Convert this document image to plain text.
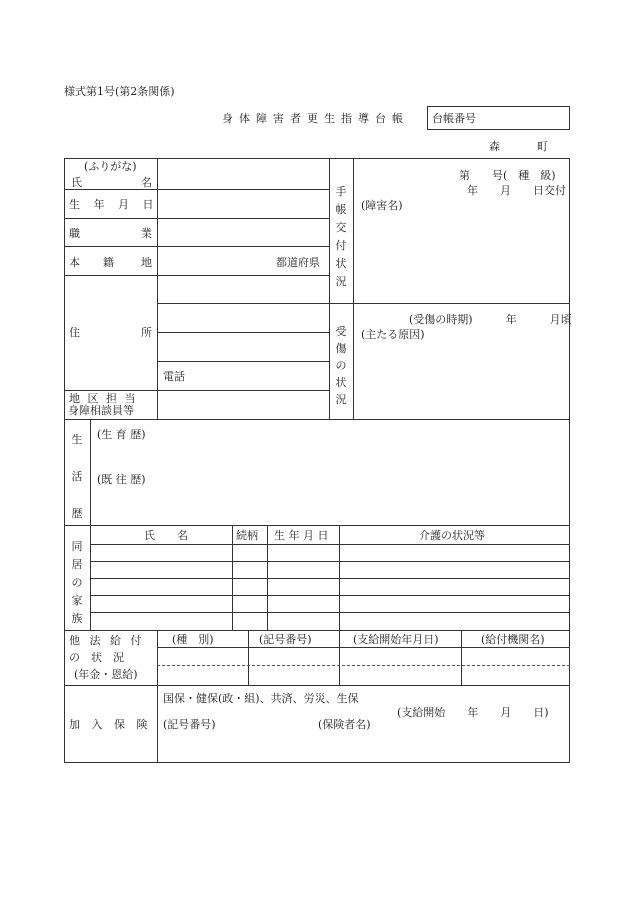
様式第1号(第2条関係)
身体障害者更生指導台帳 台帳番号
森	町
(ふりがな)
氏	名
生 年 月 日
職	業
本 籍 地	都道府県
住	所
電話
地 区 担 当
身障相談員等
手
帳
交
付
状
況
第　　号(　種　級)
年　　月　　日交付
(障害名)
受
傷
の
状
況
(受傷の時期)　　　年　　　月頃
(主たる原因)
生
活
歴
(生 育 歴)
(既 往 歴)
同
居
の
家
族
氏　　名	続柄 生 年 月 日	介護の状況等
他 法 給 付
の　状　況
(年金・恩給)
(種　別)	(記号番号)	(支給開始年月日)	(給付機関名)
加 入 保 険
国保・健保(政・組)、共済、労災、生保
(支給開始　　年　　月　　日)
(記号番号)	(保険者名)
